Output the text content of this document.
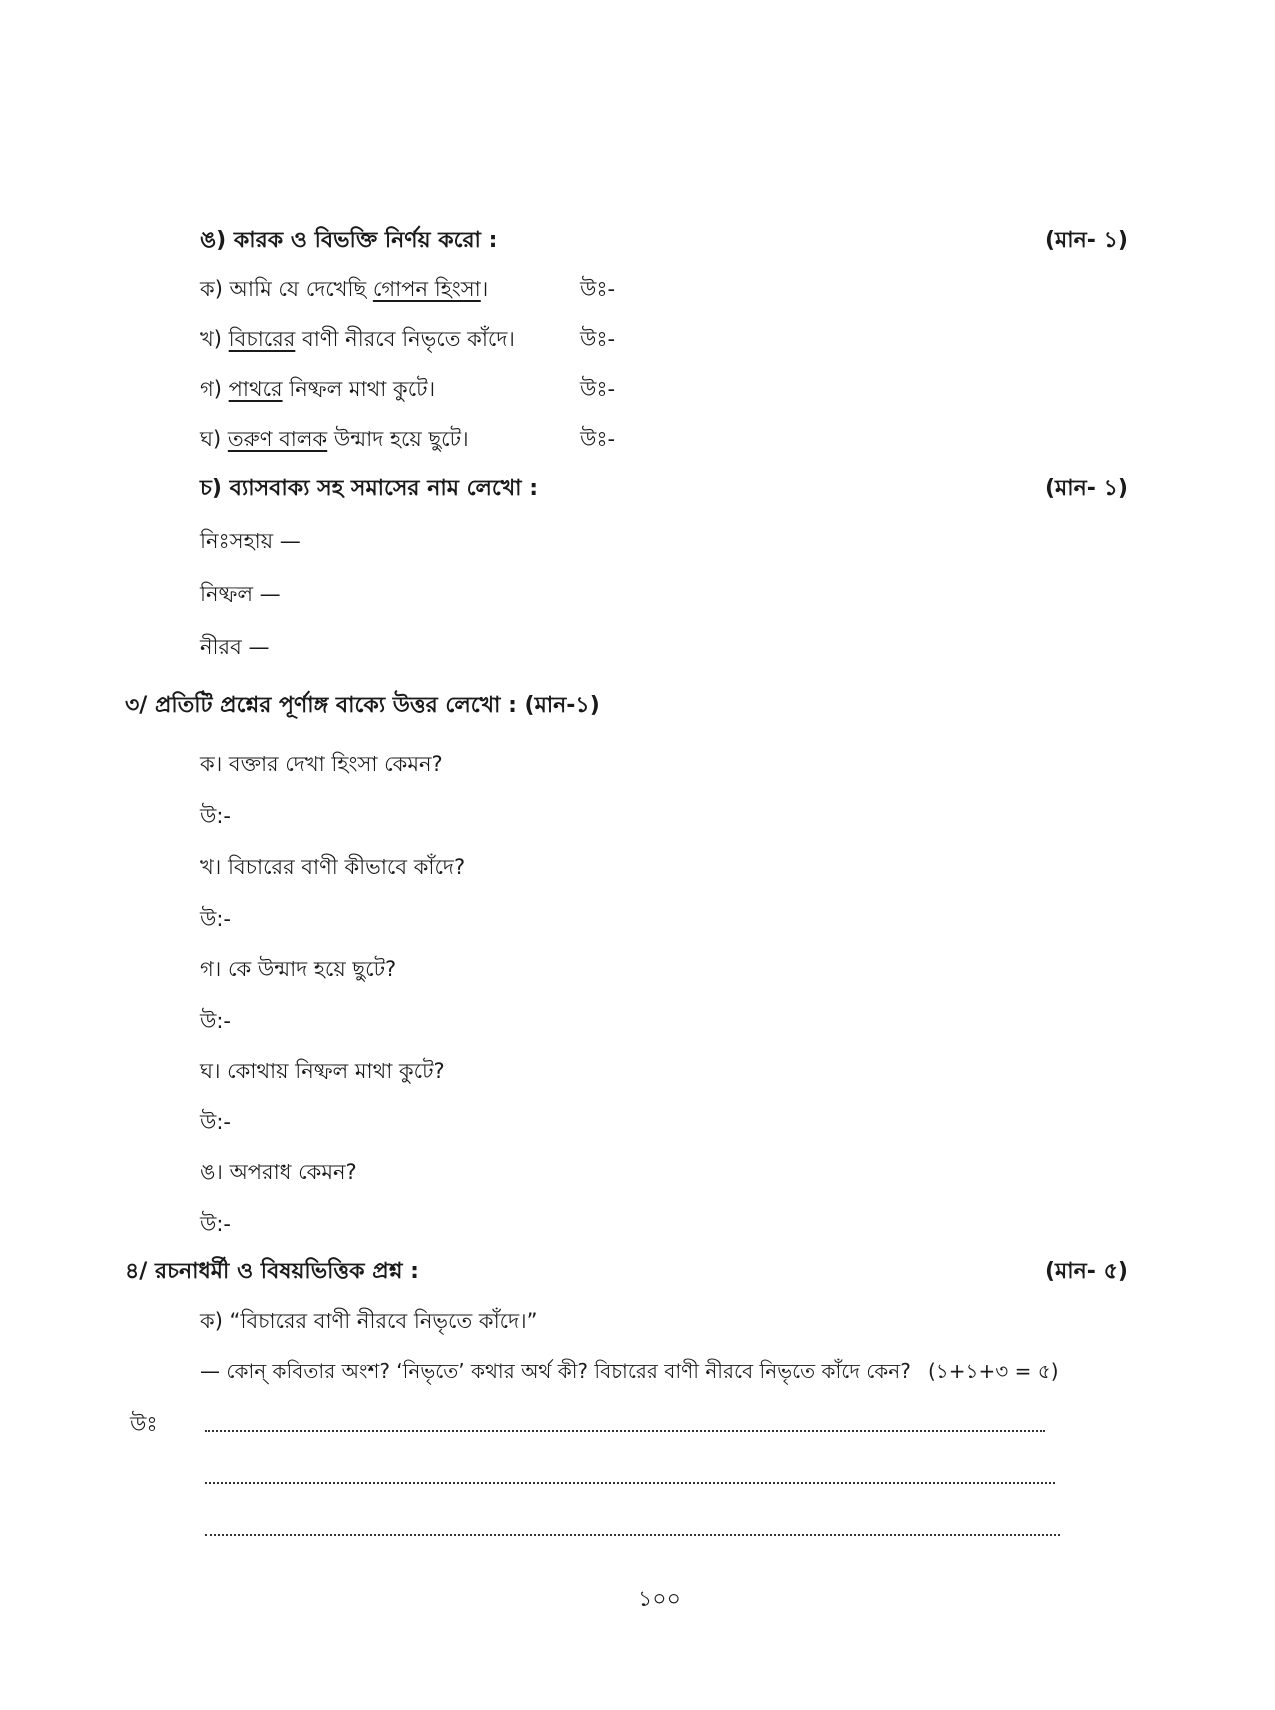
ঙ) কারক ও বিভক্তি নির্ণয় করো :	(মান- ১)
ক) আমি যে দেখেছি গোপন হিংসা।	উঃ-
খ) বিচারের বাণী নীরবে নিভৃতে কাঁদে।	উঃ-
গ) পাথরে নিষ্ফল মাথা কুটে।	উঃ-
ঘ) তরুণ বালক উন্মাদ হয়ে ছুটে।	উঃ-
চ) ব্যাসবাক্য সহ সমাসের নাম লেখো :	(মান- ১)
নিঃসহায় —
নিষ্ফল —
নীরব —
৩/ প্রতিটি প্রশ্নের পূর্ণাঙ্গ বাক্যে উত্তর লেখো : (মান-১)
ক। বক্তার দেখা হিংসা কেমন?
উ:-
খ। বিচারের বাণী কীভাবে কাঁদে?
উ:-
গ। কে উন্মাদ হয়ে ছুটে?
উ:-
ঘ। কোথায় নিষ্ফল মাথা কুটে?
উ:-
ঙ। অপরাধ কেমন?
উ:-
৪/ রচনাধর্মী ও বিষয়ভিত্তিক প্রশ্ন :	(মান- ৫)
ক) “বিচারের বাণী নীরবে নিভৃতে কাঁদে।”
— কোন্ কবিতার অংশ? ‘নিভৃতে’ কথার অর্থ কী? বিচারের বাণী নীরবে নিভৃতে কাঁদে কেন? (১+১+৩ = ৫)
উঃ
১০০
